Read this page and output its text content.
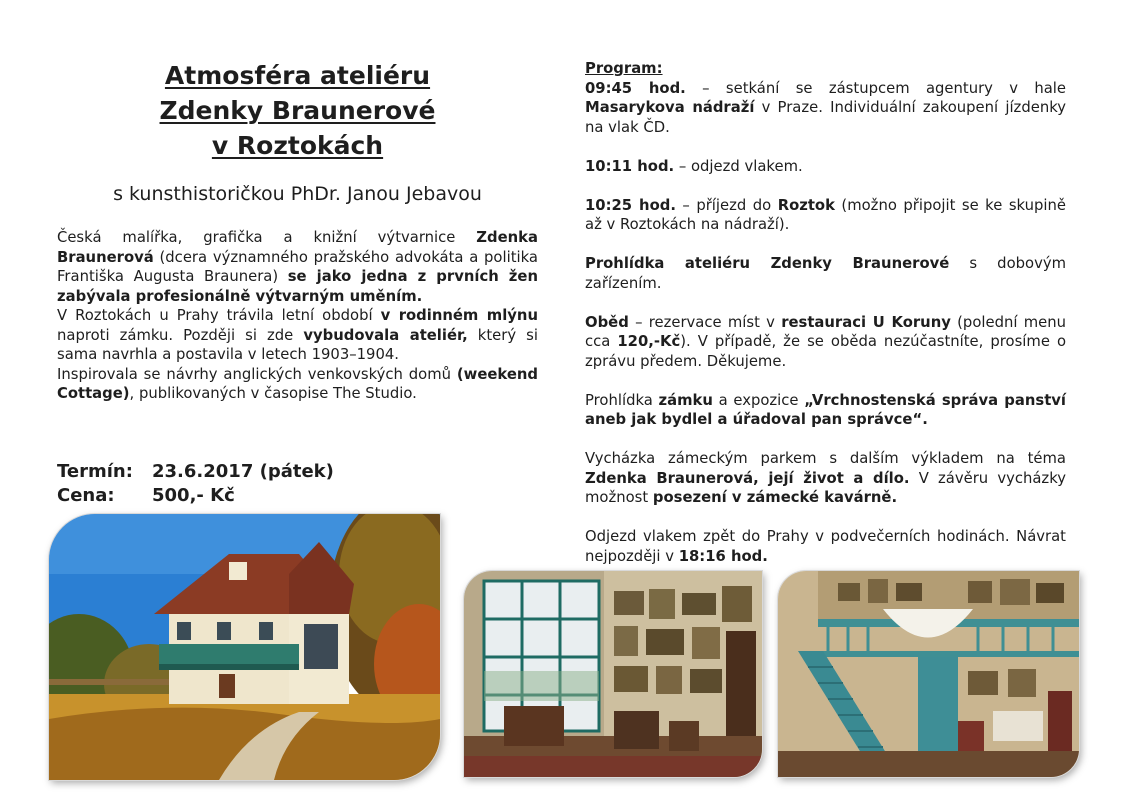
Atmosféra ateliéru
Zdenky Braunerové
v Roztokách
s kunsthistoričkou PhDr. Janou Jebavou

Česká malířka, grafička a knižní výtvarnice Zdenka Braunerová (dcera významného pražského advokáta a politika Františka Augusta Braunera) se jako jedna z prvních žen zabývala profesionálně výtvarným uměním.

V Roztokách u Prahy trávila letní období v rodinném mlýnu naproti zámku. Později si zde vybudovala ateliér, který si sama navrhla a postavila v letech 1903–1904.

Inspirovala se návrhy anglických venkovských domů (weekend Cottage), publikovaných v časopise The Studio.

Termín:	23.6.2017 (pátek)
Cena:	500,- Kč

Program:

09:45 hod. – setkání se zástupcem agentury v hale Masarykova nádraží v Praze. Individuální zakoupení jízdenky na vlak ČD.

10:11 hod. – odjezd vlakem.

10:25 hod. – příjezd do Roztok (možno připojit se ke skupině až v Roztokách na nádraží).

Prohlídka ateliéru Zdenky Braunerové s dobovým zařízením.

Oběd – rezervace míst v restauraci U Koruny (polední menu cca 120,-Kč). V případě, že se oběda nezúčastníte, prosíme o zprávu předem. Děkujeme.

Prohlídka zámku a expozice „Vrchnostenská správa panství aneb jak bydlel a úřadoval pan správce“.

Vycházka zámeckým parkem s dalším výkladem na téma Zdenka Braunerová, její život a dílo. V závěru vycházky možnost posezení v zámecké kavárně.

Odjezd vlakem zpět do Prahy v podvečerních hodinách. Návrat nejpozději v 18:16 hod.
